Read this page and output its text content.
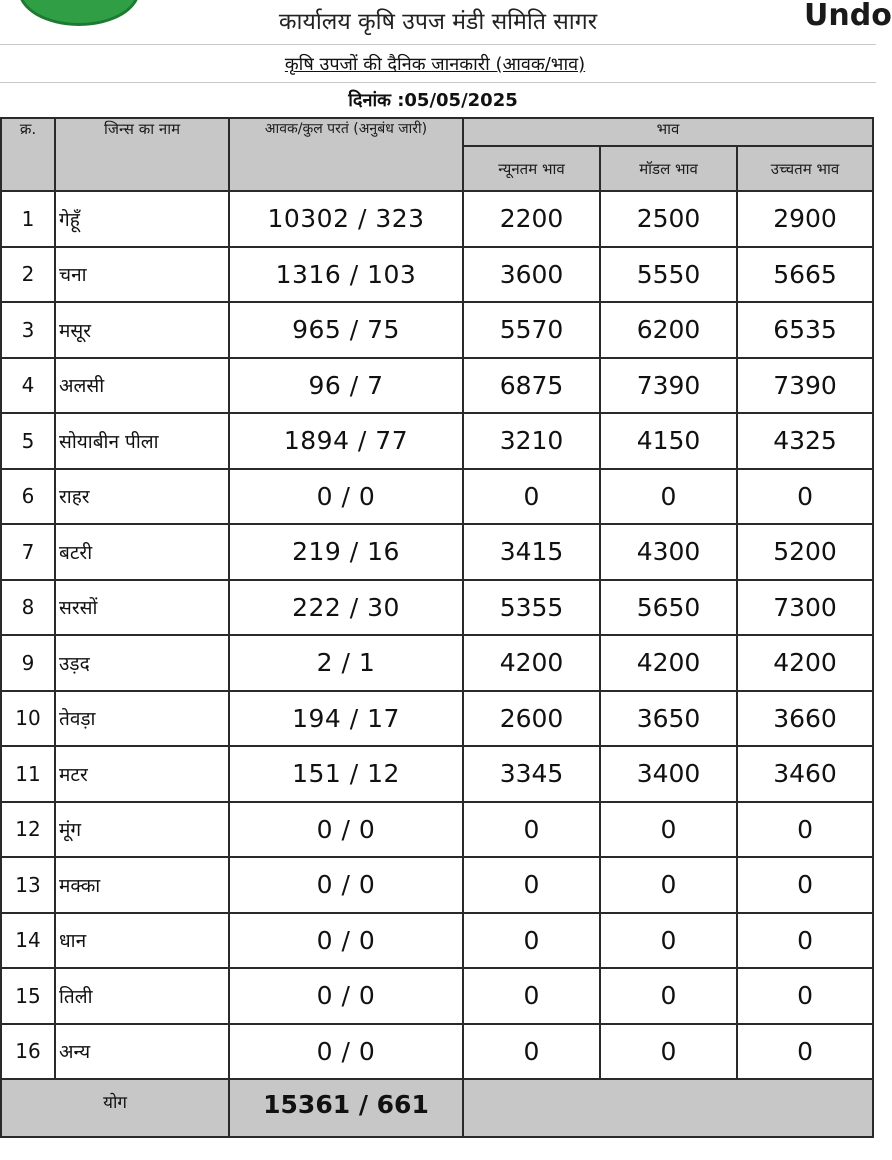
Undo
कार्यालय कृषि उपज मंडी समिति सागर
कृषि उपजों की दैनिक जानकारी (आवक/भाव)
दिनांक :05/05/2025
क्र.	जिन्स का नाम	आवक/कुल परतं (अनुबंध जारी)	भाव		
			न्यूनतम भाव	मॉडल भाव	उच्चतम भाव
1	गेहूँ	10302 / 323	2200	2500	2900
2	चना	1316 / 103	3600	5550	5665
3	मसूर	965 / 75	5570	6200	6535
4	अलसी	96 / 7	6875	7390	7390
5	सोयाबीन पीला	1894 / 77	3210	4150	4325
6	राहर	0 / 0	0	0	0
7	बटरी	219 / 16	3415	4300	5200
8	सरसों	222 / 30	5355	5650	7300
9	उड़द	2 / 1	4200	4200	4200
10	तेवड़ा	194 / 17	2600	3650	3660
11	मटर	151 / 12	3345	3400	3460
12	मूंग	0 / 0	0	0	0
13	मक्का	0 / 0	0	0	0
14	धान	0 / 0	0	0	0
15	तिली	0 / 0	0	0	0
16	अन्य	0 / 0	0	0	0
योग		15361 / 661			
